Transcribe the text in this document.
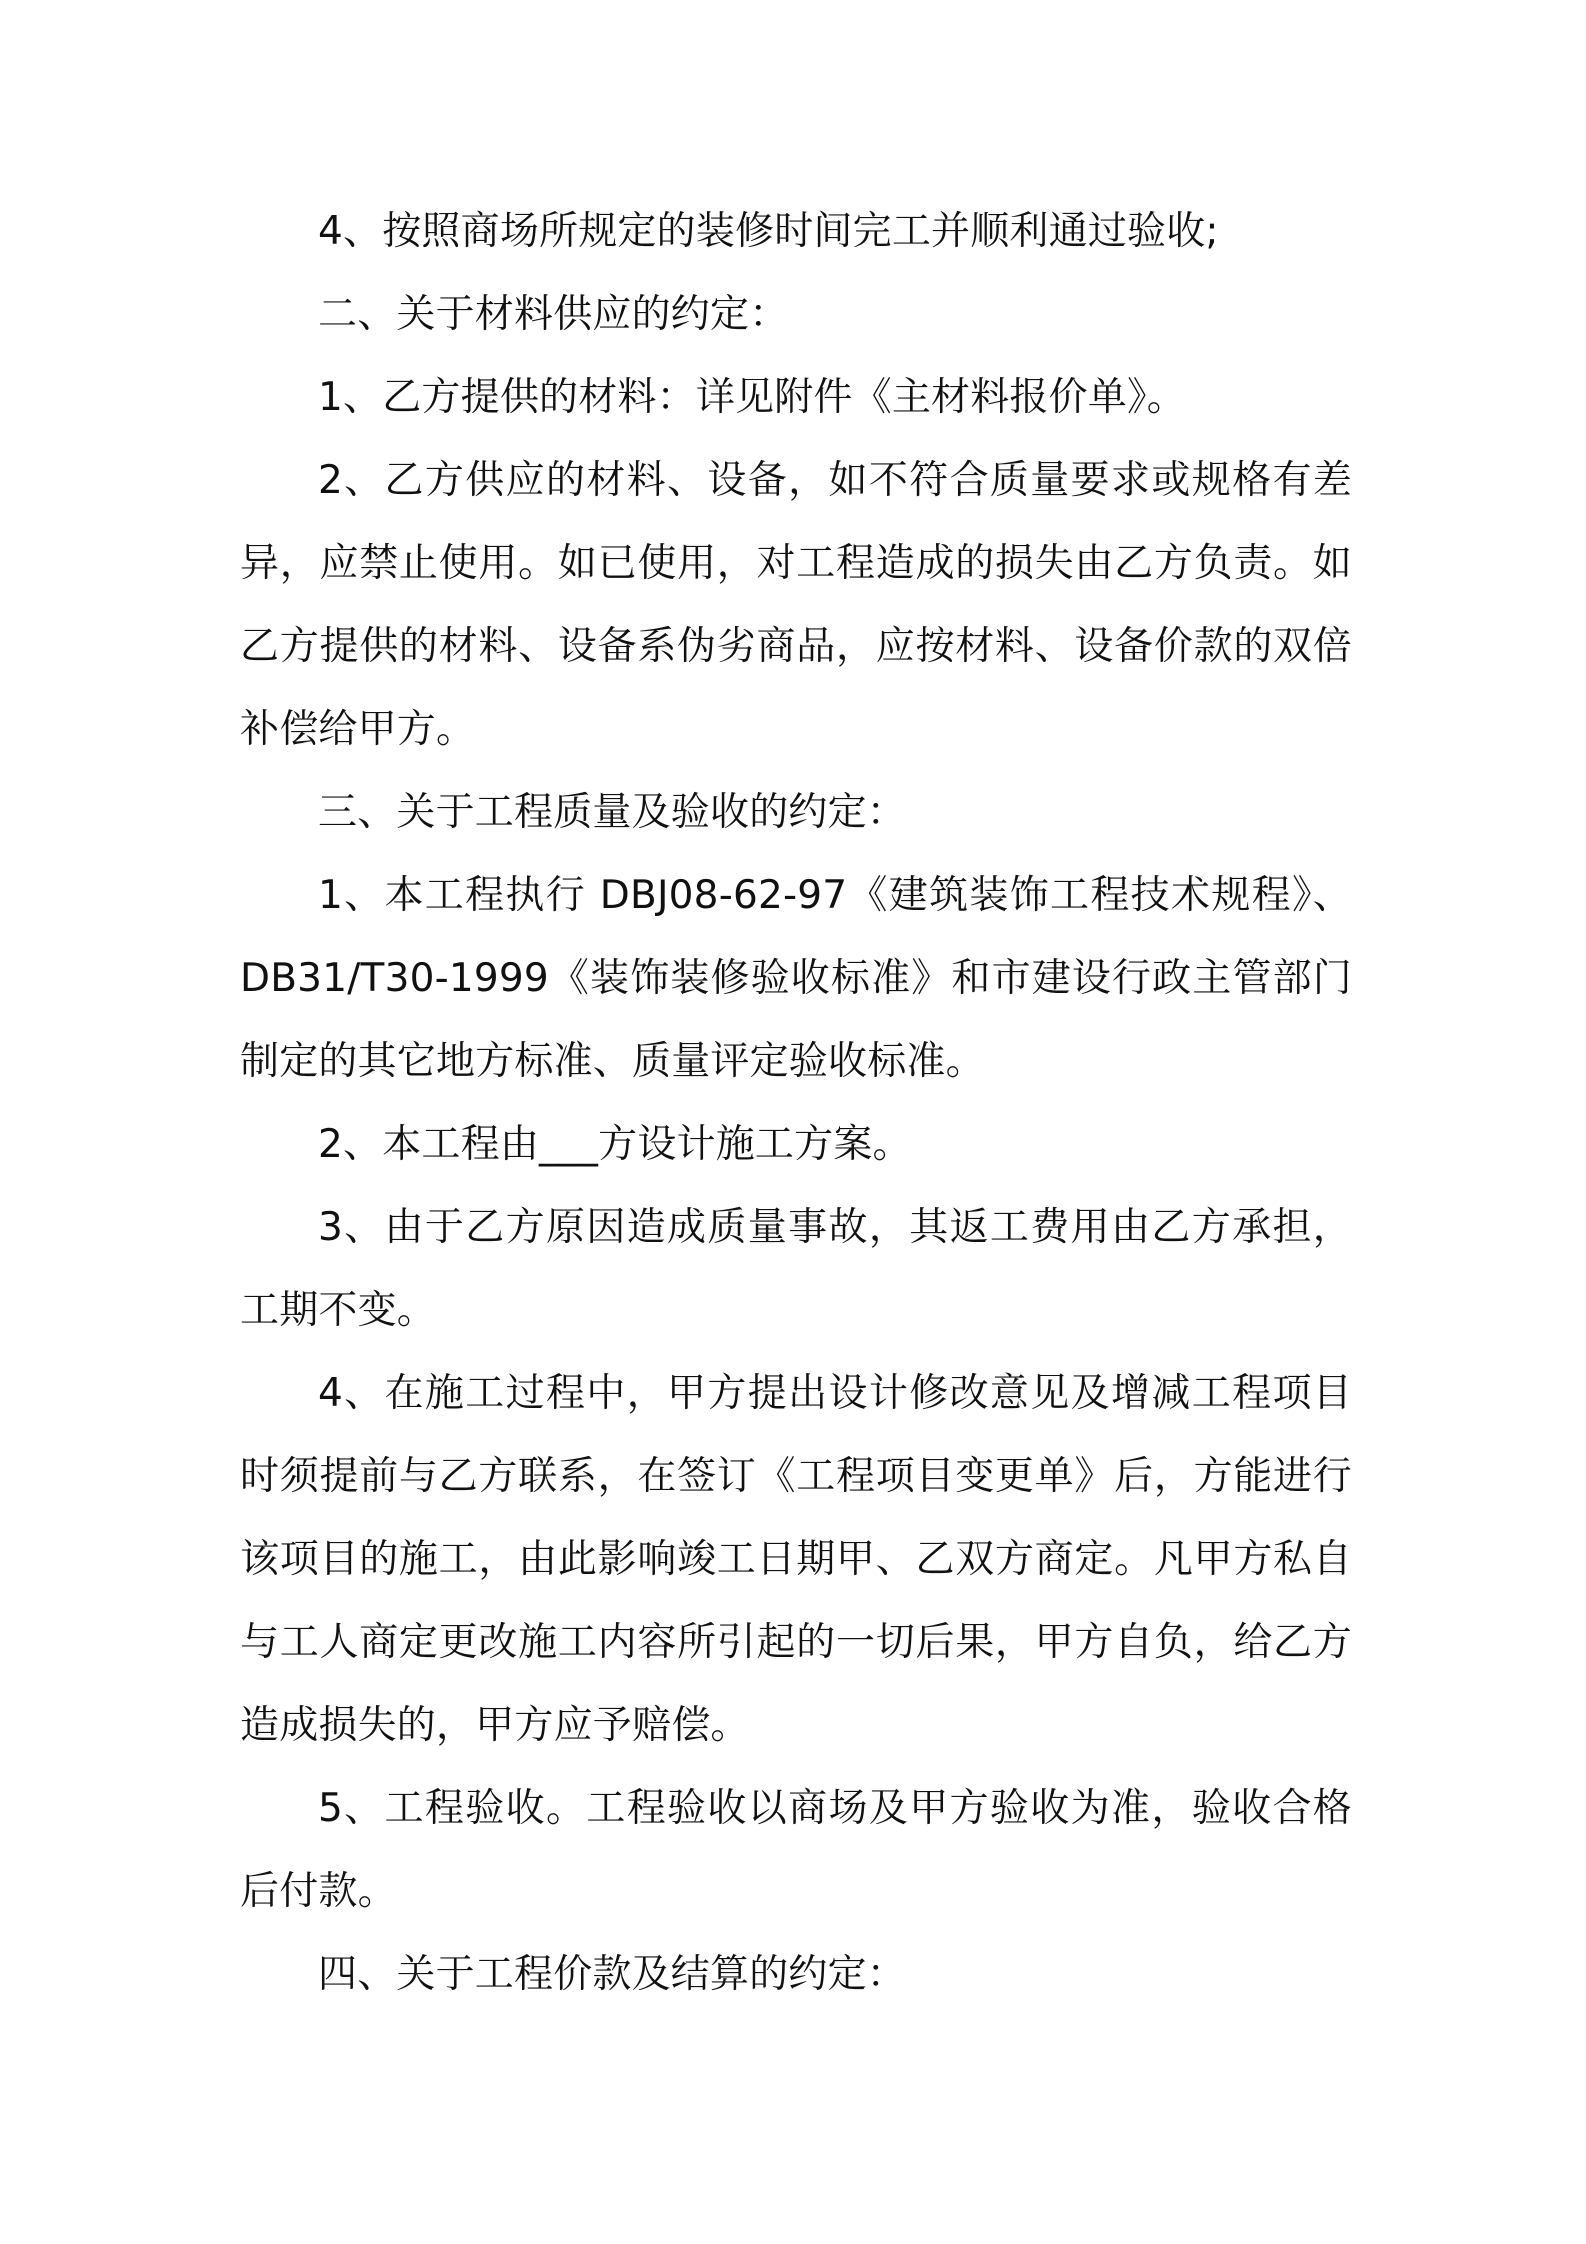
4、按照商场所规定的装修时间完工并顺利通过验收;

二、关于材料供应的约定：

1、乙方提供的材料：详见附件《主材料报价单》。

2、乙方供应的材料、设备，如不符合质量要求或规格有差异，应禁止使用。如已使用，对工程造成的损失由乙方负责。如乙方提供的材料、设备系伪劣商品，应按材料、设备价款的双倍补偿给甲方。

三、关于工程质量及验收的约定：

1、本工程执行 DBJ08-62-97《建筑装饰工程技术规程》、DB31/T30-1999《装饰装修验收标准》和市建设行政主管部门制定的其它地方标准、质量评定验收标准。

2、本工程由___方设计施工方案。

3、由于乙方原因造成质量事故，其返工费用由乙方承担，工期不变。

4、在施工过程中，甲方提出设计修改意见及增减工程项目时须提前与乙方联系，在签订《工程项目变更单》后，方能进行该项目的施工，由此影响竣工日期甲、乙双方商定。凡甲方私自与工人商定更改施工内容所引起的一切后果，甲方自负，给乙方造成损失的，甲方应予赔偿。

5、工程验收。工程验收以商场及甲方验收为准，验收合格后付款。

四、关于工程价款及结算的约定：
